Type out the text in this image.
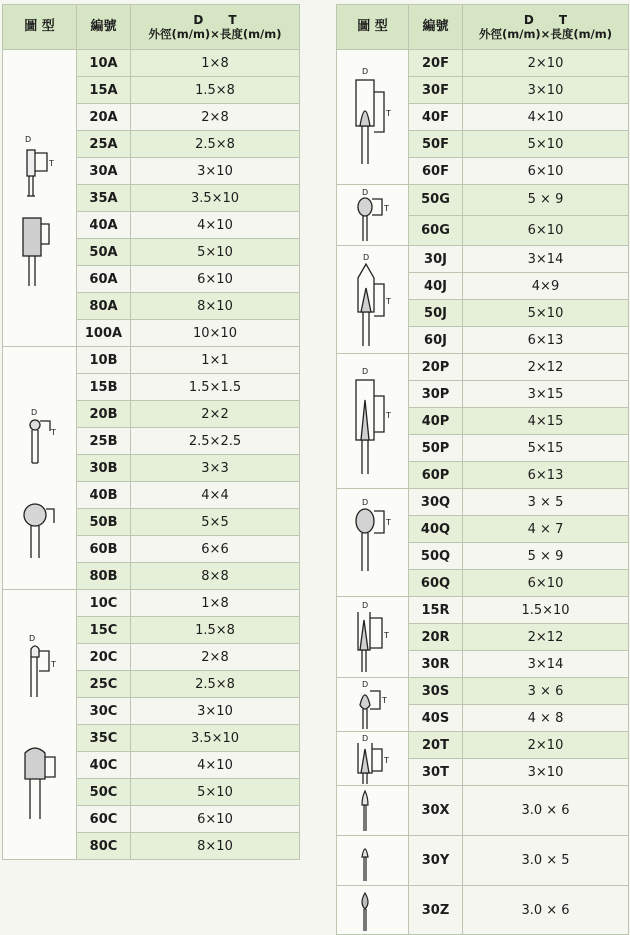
圖 型	編號	D T
外徑(m/m)×長度(m/m)

D
T	10A	1×8
	15A	1.5×8
	20A	2×8
	25A	2.5×8
	30A	3×10
	35A	3.5×10
	40A	4×10
	50A	5×10
	60A	6×10
	80A	8×10
	100A	10×10

D
T	10B	1×1
	15B	1.5×1.5
	20B	2×2
	25B	2.5×2.5
	30B	3×3
	40B	4×4
	50B	5×5
	60B	6×6
	80B	8×8

D
T	10C	1×8
	15C	1.5×8
	20C	2×8
	25C	2.5×8
	30C	3×10
	35C	3.5×10
	40C	4×10
	50C	5×10
	60C	6×10
	80C	8×10
圖 型	編號	D T
外徑(m/m)×長度(m/m)

D
T	20F	2×10
	30F	3×10
	40F	4×10
	50F	5×10
	60F	6×10

D
T	50G	5 × 9
	60G	6×10

D
T	30J	3×14
	40J	4×9
	50J	5×10
	60J	6×13

D
T	20P	2×12
	30P	3×15
	40P	4×15
	50P	5×15
	60P	6×13

D
T	30Q	3 × 5
	40Q	4 × 7
	50Q	5 × 9
	60Q	6×10

D
T	15R	1.5×10
	20R	2×12
	30R	3×14

D
T	30S	3 × 6
	40S	4 × 8

D
T	20T	2×10
	30T	3×10

	30X	3.0 × 6

	30Y	3.0 × 5

	30Z	3.0 × 6
